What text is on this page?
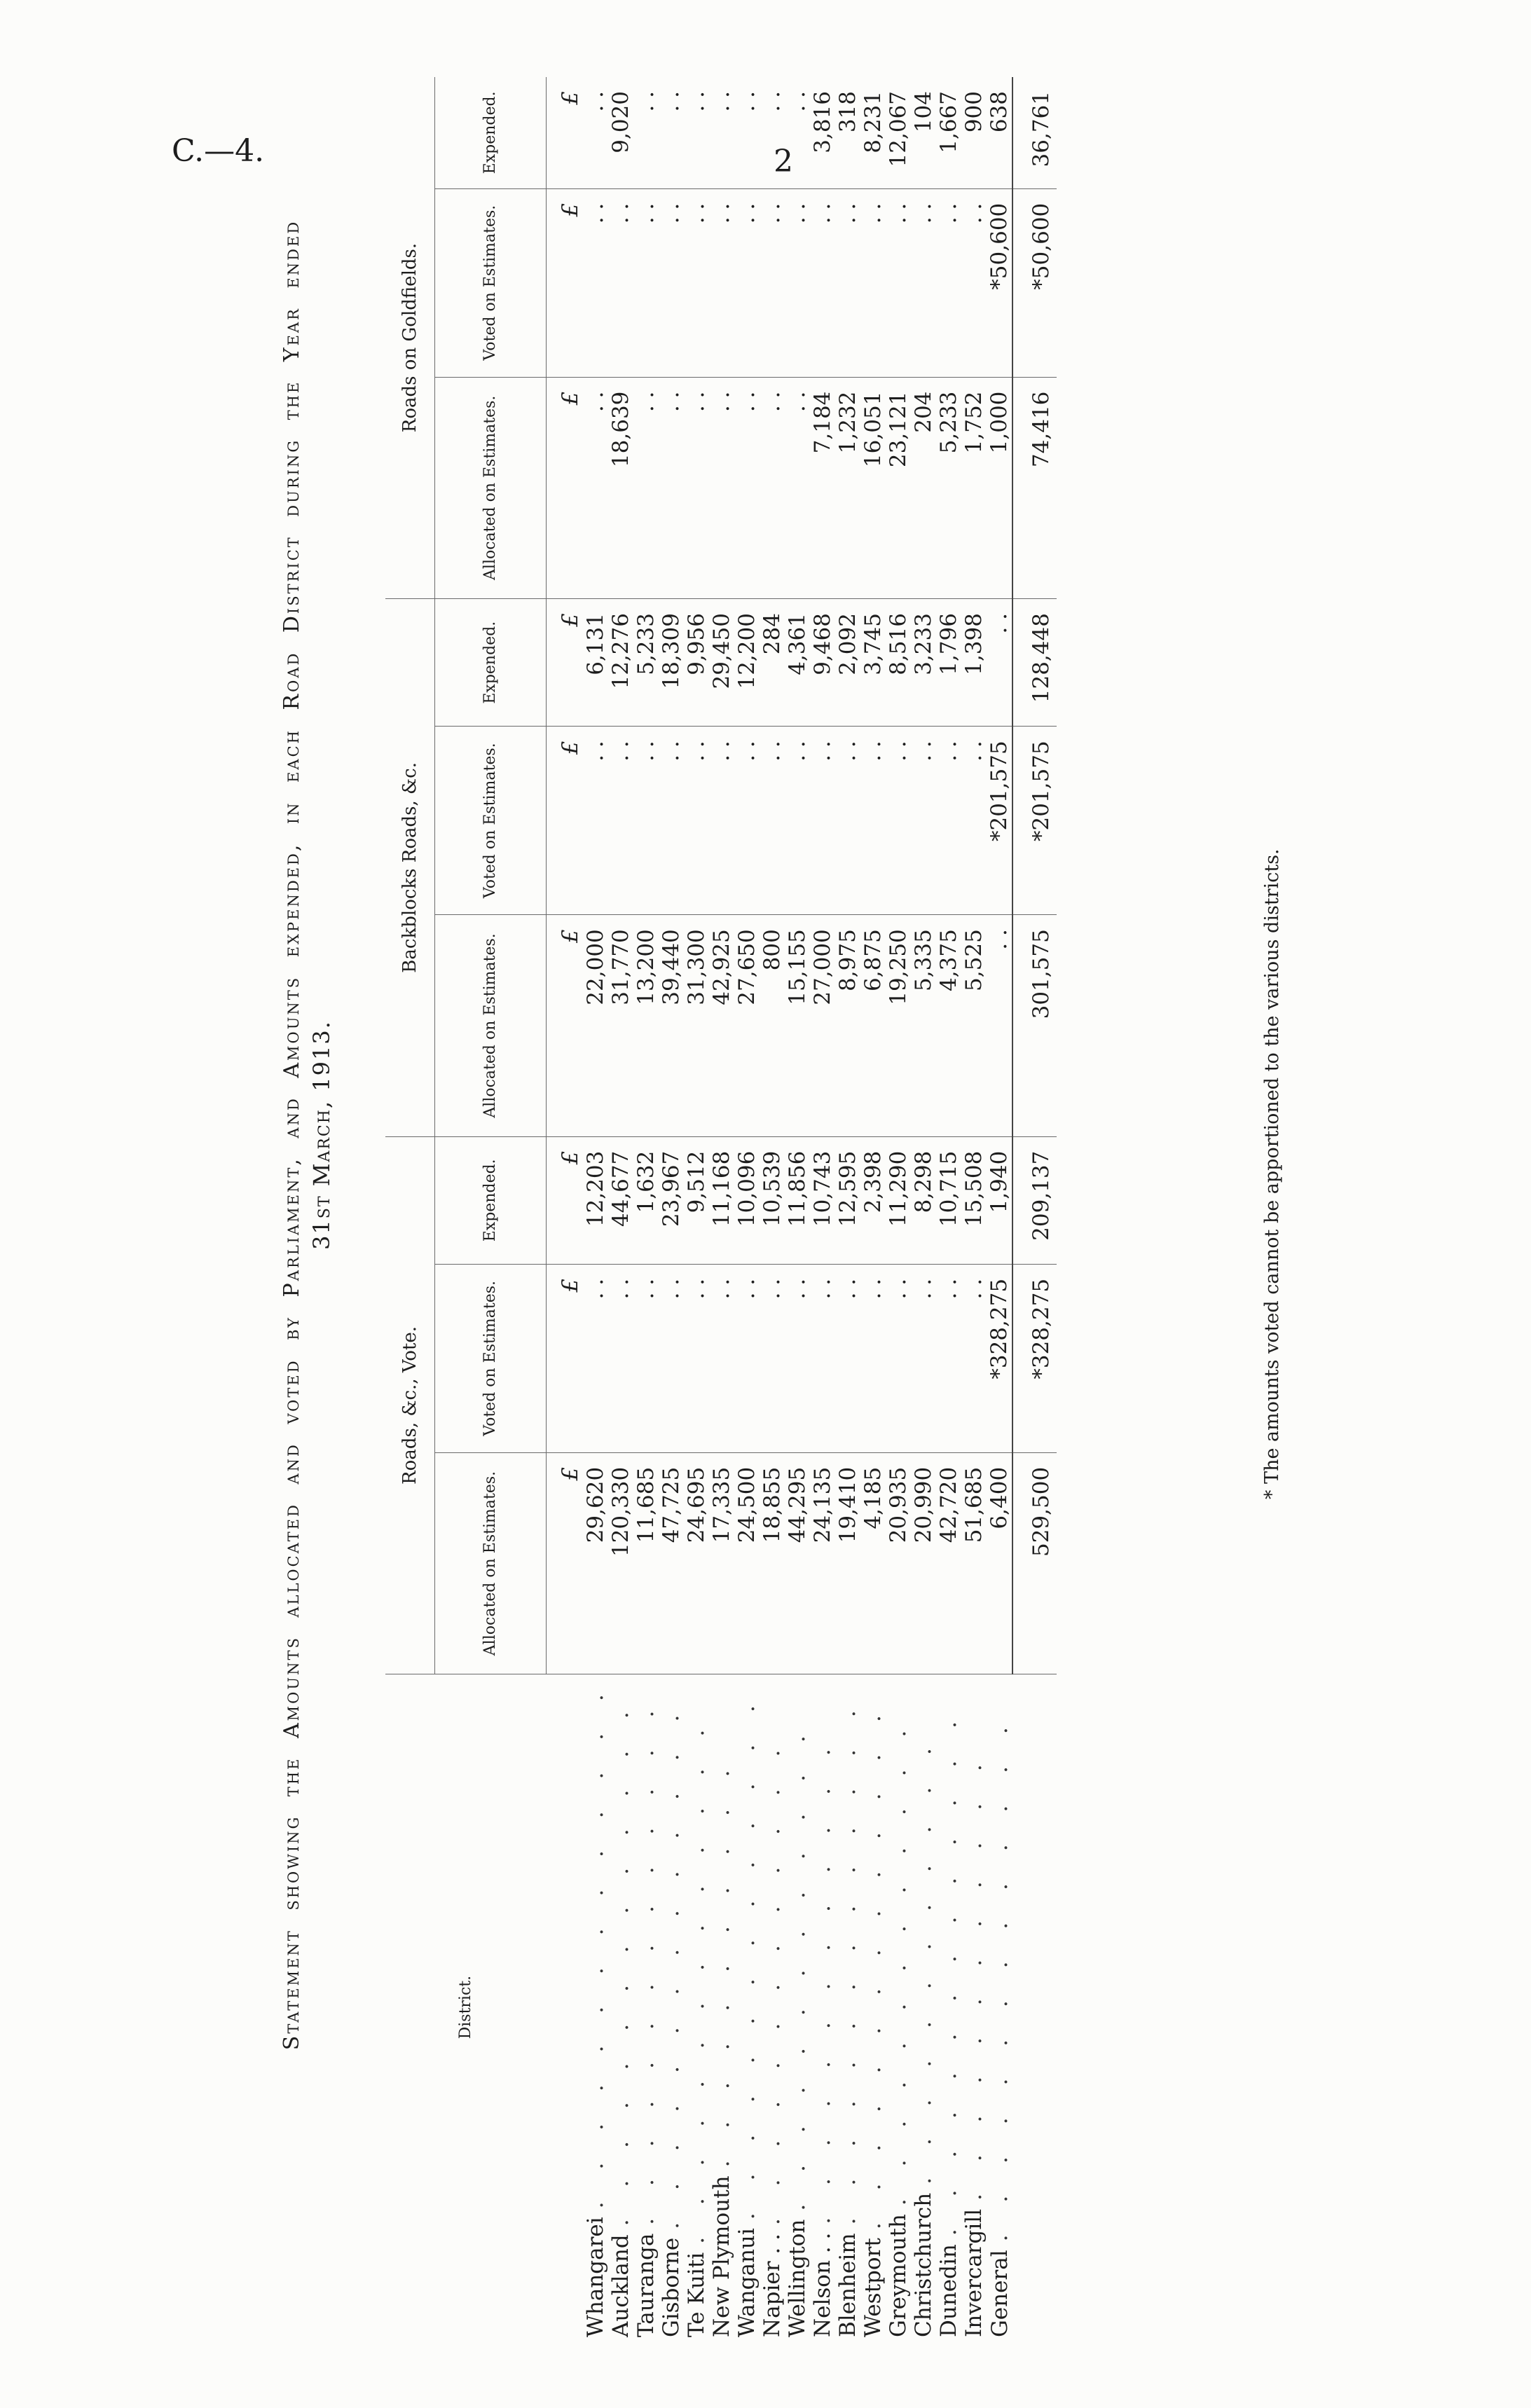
C.—4.	2
Statement showing the Amounts allocated and voted by Parliament, and Amounts expended, in each Road District during the Year ended 31st March, 1913.
District.	Roads, &c., Vote.			Backblocks Roads, &c.			Roads on Goldfields.		
	Allocated on Estimates.	Voted on Estimates.	Expended.	Allocated on Estimates.	Voted on Estimates.	Expended.	Allocated on Estimates.	Voted on Estimates.	Expended.
	£	£	£	£	£	£	£	£	£
Whangarei. . . . . . . . . . . . . .	29,620	. .	12,203	22,000	. .	6,131	. .	. .	. .
Auckland. . . . . . . . . . . . . .	120,330	. .	44,677	31,770	. .	12,276	18,639	. .	9,020
Tauranga. . . . . . . . . . . . . .	11,685	. .	1,632	13,200	. .	5,233	. .	. .	. .
Gisborne. . . . . . . . . . . . . .	47,725	. .	23,967	39,440	. .	18,309	. .	. .	. .
Te Kuiti. . . . . . . . . . . . . .	24,695	. .	9,512	31,300	. .	9,956	. .	. .	. .
New Plymouth. . . . . . . . . . .	17,335	. .	11,168	42,925	. .	29,450	. .	. .	. .
Wanganui. . . . . . . . . . . . . .	24,500	. .	10,096	27,650	. .	12,200	. .	. .	. .
Napier . .. . . . . . . . . . . . .	18,855	. .	10,539	800	. .	284	. .	. .	. .
Wellington. . . . . . . . . . . . .	44,295	. .	11,856	15,155	. .	4,361	. .	. .	. .
Nelson . .. . . . . . . . . . . . .	24,135	. .	10,743	27,000	. .	9,468	7,184	. .	3,816
Blenheim. . . . . . . . . . . . . .	19,410	. .	12,595	8,975	. .	2,092	1,232	. .	318
Westport. . . . . . . . . . . . . .	4,185	. .	2,398	6,875	. .	3,745	16,051	. .	8,231
Greymouth. . . . . . . . . . . . .	20,935	. .	11,290	19,250	. .	8,516	23,121	. .	12,067
Christchurch. . . . . . . . . . . .	20,990	. .	8,298	5,335	. .	3,233	204	. .	104
Dunedin. . . . . . . . . . . . . .	42,720	. .	10,715	4,375	. .	1,796	5,233	. .	1,667
Invercargill. . . . . . . . . . . .	51,685	. .	15,508	5,525	. .	1,398	1,752	. .	900
General. . . . . . . . . . . . . .	6,400	*328,275	1,940	. .	*201,575	. .	1,000	*50,600	638
	529,500	*328,275	209,137	301,575	*201,575	128,448	74,416	*50,600	36,761
* The amounts voted cannot be apportioned to the various districts.
